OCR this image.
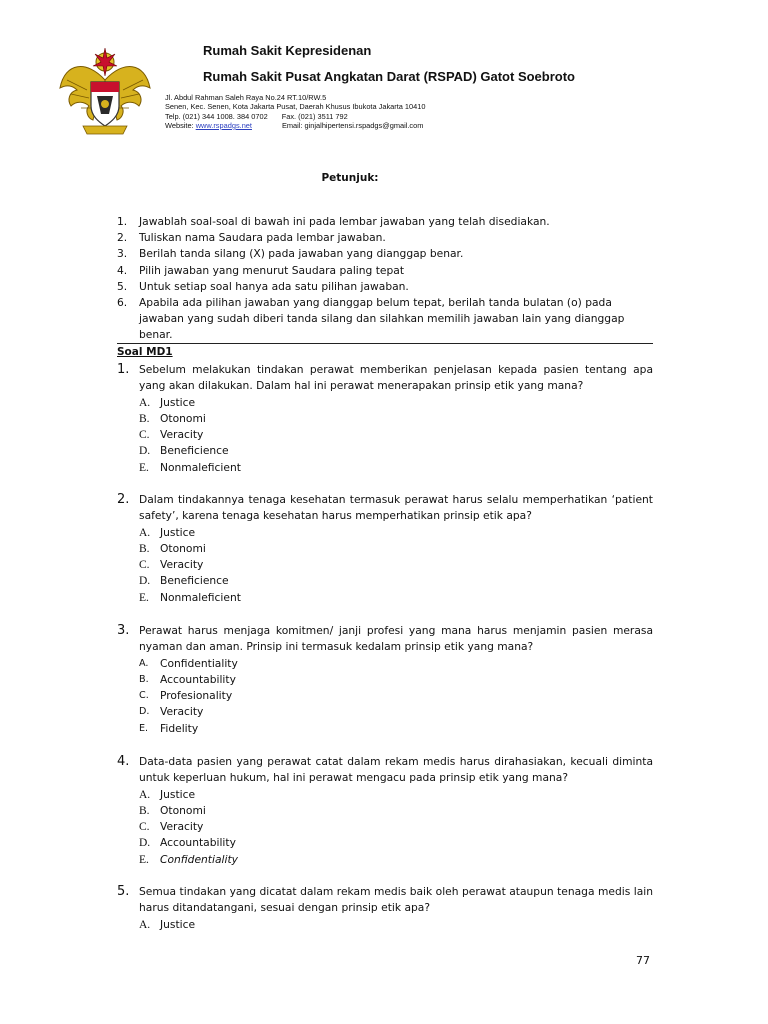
Rumah Sakit Kepresidenan
Rumah Sakit Pusat Angkatan Darat (RSPAD) Gatot Soebroto
Jl. Abdul Rahman Saleh Raya No.24 RT.10/RW.5
Senen, Kec. Senen, Kota Jakarta Pusat, Daerah Khusus Ibukota Jakarta 10410
Telp. (021) 344 1008. 384 0702 Fax. (021) 3511 792
Website: www.rspadgs.net	Email: ginjalhipertensi.rspadgs@gmail.com
Petunjuk:
1.	Jawablah soal-soal di bawah ini pada lembar jawaban yang telah disediakan.
2.	Tuliskan nama Saudara pada lembar jawaban.
3.	Berilah tanda silang (X) pada jawaban yang dianggap benar.
4.	Pilih jawaban yang menurut Saudara paling tepat
5.	Untuk setiap soal hanya ada satu pilihan jawaban.
6.	Apabila ada pilihan jawaban yang dianggap belum tepat, berilah tanda bulatan (o) pada jawaban yang sudah diberi tanda silang dan silahkan memilih jawaban lain yang dianggap benar.
Soal MD1
1. Sebelum melakukan tindakan perawat memberikan penjelasan kepada pasien tentang apa yang akan dilakukan. Dalam hal ini perawat menerapakan prinsip etik yang mana?
A. Justice
B. Otonomi
C. Veracity
D. Beneficience
E.	Nonmaleficient
2. Dalam tindakannya tenaga kesehatan termasuk perawat harus selalu memperhatikan ‘patient safety’, karena tenaga kesehatan harus memperhatikan prinsip etik apa?
A. Justice
B. Otonomi
C. Veracity
D. Beneficience
E.	Nonmaleficient
3. Perawat harus menjaga komitmen/ janji profesi yang mana harus menjamin pasien merasa nyaman dan aman. Prinsip ini termasuk kedalam prinsip etik yang mana?
A.	Confidentiality
B.	Accountability
C.	Profesionality
D. Veracity
E.	Fidelity
4. Data-data pasien yang perawat catat dalam rekam medis harus dirahasiakan, kecuali diminta untuk keperluan hukum, hal ini perawat mengacu pada prinsip etik yang mana?
A. Justice
B. Otonomi
C. Veracity
D. Accountability
E.	Confidentiality
5. Semua tindakan yang dicatat dalam rekam medis baik oleh perawat ataupun tenaga medis lain harus ditandatangani, sesuai dengan prinsip etik apa?
A. Justice
77
